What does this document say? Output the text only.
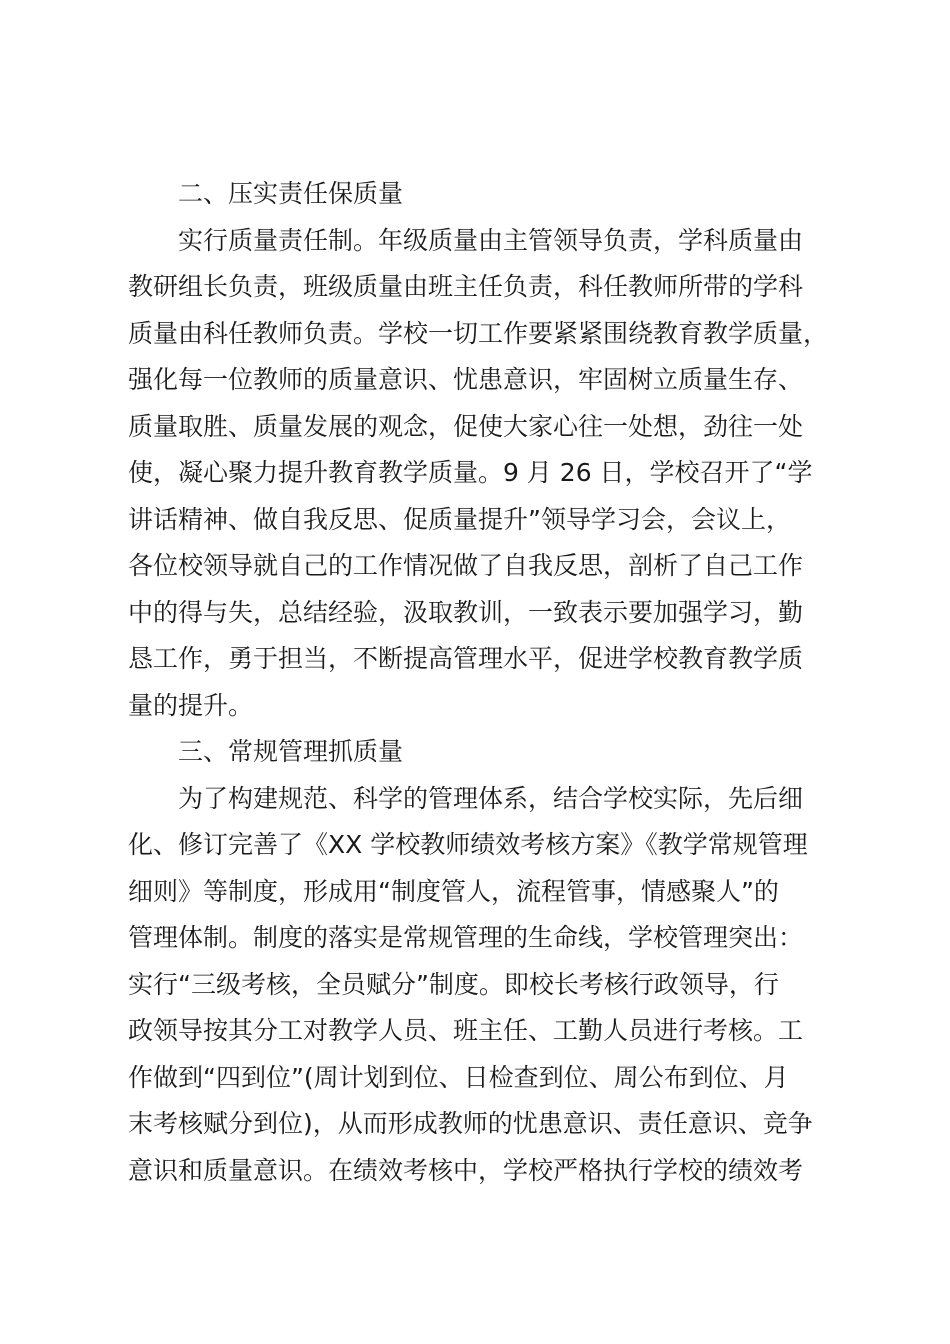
二、压实责任保质量
实行质量责任制。年级质量由主管领导负责，学科质量由
教研组长负责，班级质量由班主任负责，科任教师所带的学科
质量由科任教师负责。学校一切工作要紧紧围绕教育教学质量，
强化每一位教师的质量意识、忧患意识，牢固树立质量生存、
质量取胜、质量发展的观念，促使大家心往一处想，劲往一处
使，凝心聚力提升教育教学质量。9 月 26 日，学校召开了“学
讲话精神、做自我反思、促质量提升”领导学习会，会议上，
各位校领导就自己的工作情况做了自我反思，剖析了自己工作
中的得与失，总结经验，汲取教训，一致表示要加强学习，勤
恳工作，勇于担当，不断提高管理水平，促进学校教育教学质
量的提升。
三、常规管理抓质量
为了构建规范、科学的管理体系，结合学校实际，先后细
化、修订完善了《XX 学校教师绩效考核方案》《教学常规管理
细则》等制度，形成用“制度管人，流程管事，情感聚人”的
管理体制。制度的落实是常规管理的生命线，学校管理突出：
实行“三级考核，全员赋分”制度。即校长考核行政领导，行
政领导按其分工对教学人员、班主任、工勤人员进行考核。工
作做到“四到位”(周计划到位、日检查到位、周公布到位、月
末考核赋分到位)，从而形成教师的忧患意识、责任意识、竞争
意识和质量意识。在绩效考核中，学校严格执行学校的绩效考
